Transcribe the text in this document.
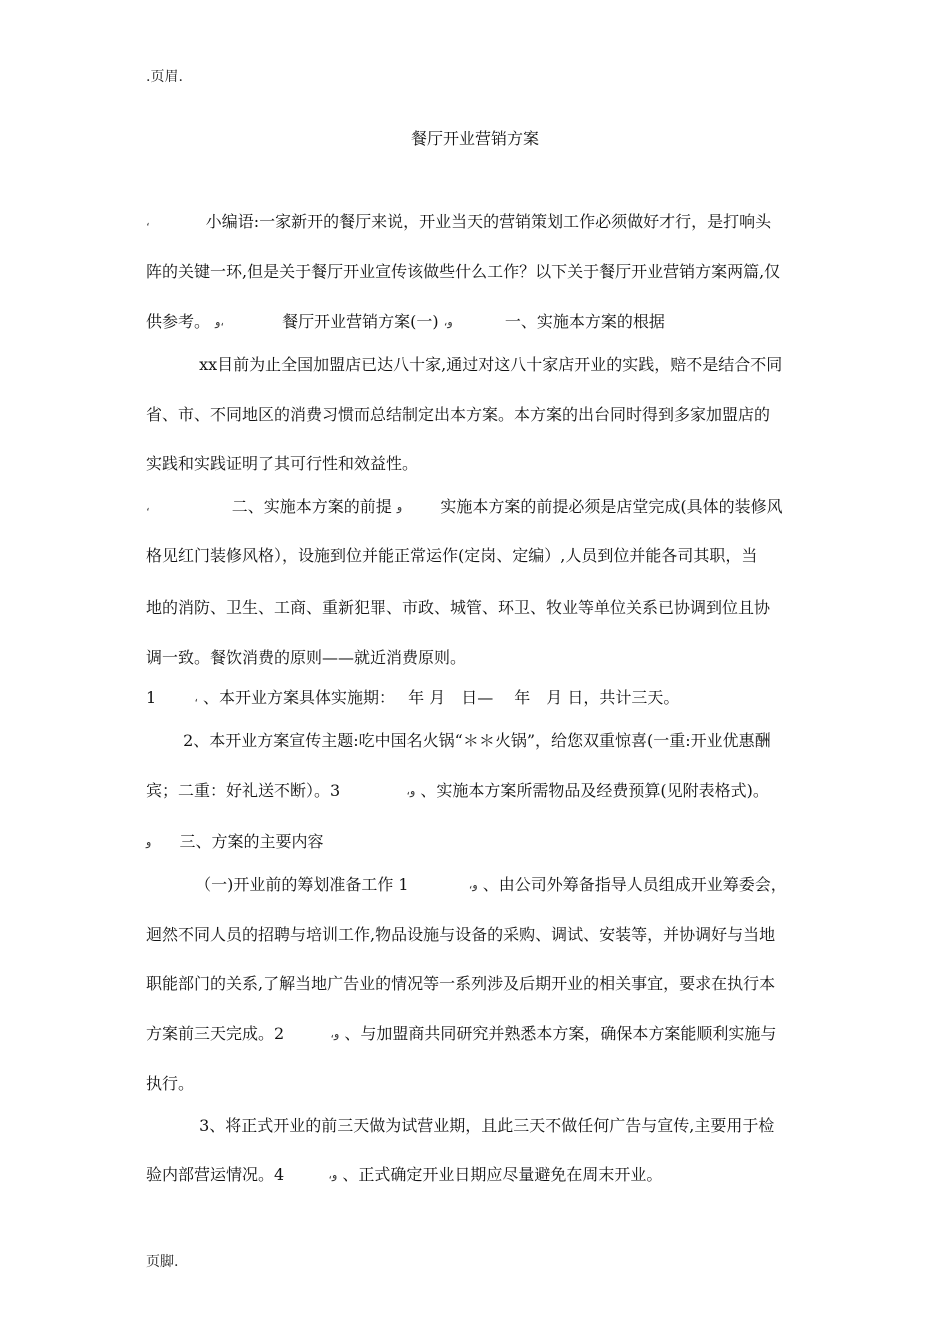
.页眉.
餐厅开业营销方案
،	小编语:一家新开的餐厅来说，开业当天的营销策划工作必须做好才行，是打响头
阵的关键一环,但是关于餐厅开业宣传该做些什么工作？以下关于餐厅开业营销方案两篇,仅
供参考。 و،	餐厅开业营销方案(一) ،و	一、实施本方案的根据
xx目前为止全国加盟店已达八十家,通过对这八十家店开业的实践，赔不是结合不同
省、市、不同地区的消费习惯而总结制定出本方案。本方案的出台同时得到多家加盟店的
实践和实践证明了其可行性和效益性。
،	二、实施本方案的前提 و 实施本方案的前提必须是店堂完成(具体的装修风
格见红门装修风格），设施到位并能正常运作(定岗、定编）,人员到位并能各司其职，当
地的消防、卫生、工商、重新犯罪、市政、城管、环卫、牧业等单位关系已协调到位且协
调一致。餐饮消费的原则——就近消费原则。
1	، 、本开业方案具体实施期：　 年 月　日—　 年　月 日，共计三天。
2、本开业方案宣传主题:吃中国名火锅“＊＊火锅”，给您双重惊喜(一重:开业优惠酬
宾；二重：好礼送不断）。3	،و 、实施本方案所需物品及经费预算(见附表格式)。
و 三、方案的主要内容
（一)开业前的筹划准备工作 1	،و 、由公司外筹备指导人员组成开业筹委会，
迴然不同人员的招聘与培训工作,物品设施与设备的采购、调试、安装等，并协调好与当地
职能部门的关系,了解当地广告业的情况等一系列涉及后期开业的相关事宜，要求在执行本
方案前三天完成。2	،و 、与加盟商共同研究并熟悉本方案，确保本方案能顺利实施与
执行。
3、将正式开业的前三天做为试营业期，且此三天不做任何广告与宣传,主要用于检
验内部营运情况。4	،و 、正式确定开业日期应尽量避免在周末开业。
页脚.
